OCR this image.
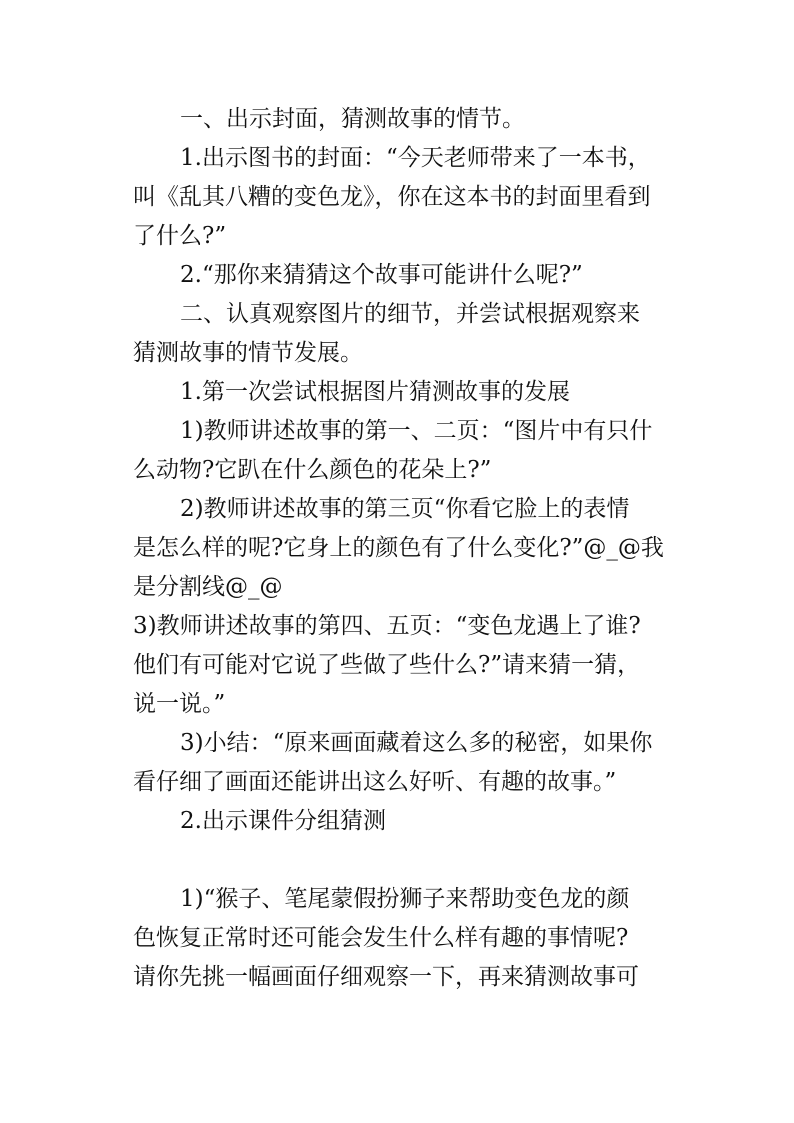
一、出示封面，猜测故事的情节。
1.出示图书的封面：“今天老师带来了一本书，
叫《乱其八糟的变色龙》，你在这本书的封面里看到
了什么?”
2.“那你来猜猜这个故事可能讲什么呢?”
二、认真观察图片的细节，并尝试根据观察来
猜测故事的情节发展。
1.第一次尝试根据图片猜测故事的发展
1)教师讲述故事的第一、二页：“图片中有只什
么动物?它趴在什么颜色的花朵上?”
2)教师讲述故事的第三页“你看它脸上的表情
是怎么样的呢?它身上的颜色有了什么变化?”@_@我
是分割线@_@
3)教师讲述故事的第四、五页：“变色龙遇上了谁?
他们有可能对它说了些做了些什么?”请来猜一猜，
说一说。”
3)小结：“原来画面藏着这么多的秘密，如果你
看仔细了画面还能讲出这么好听、有趣的故事。”
2.出示课件分组猜测
1)“猴子、笔尾蒙假扮狮子来帮助变色龙的颜
色恢复正常时还可能会发生什么样有趣的事情呢?
请你先挑一幅画面仔细观察一下，再来猜测故事可
